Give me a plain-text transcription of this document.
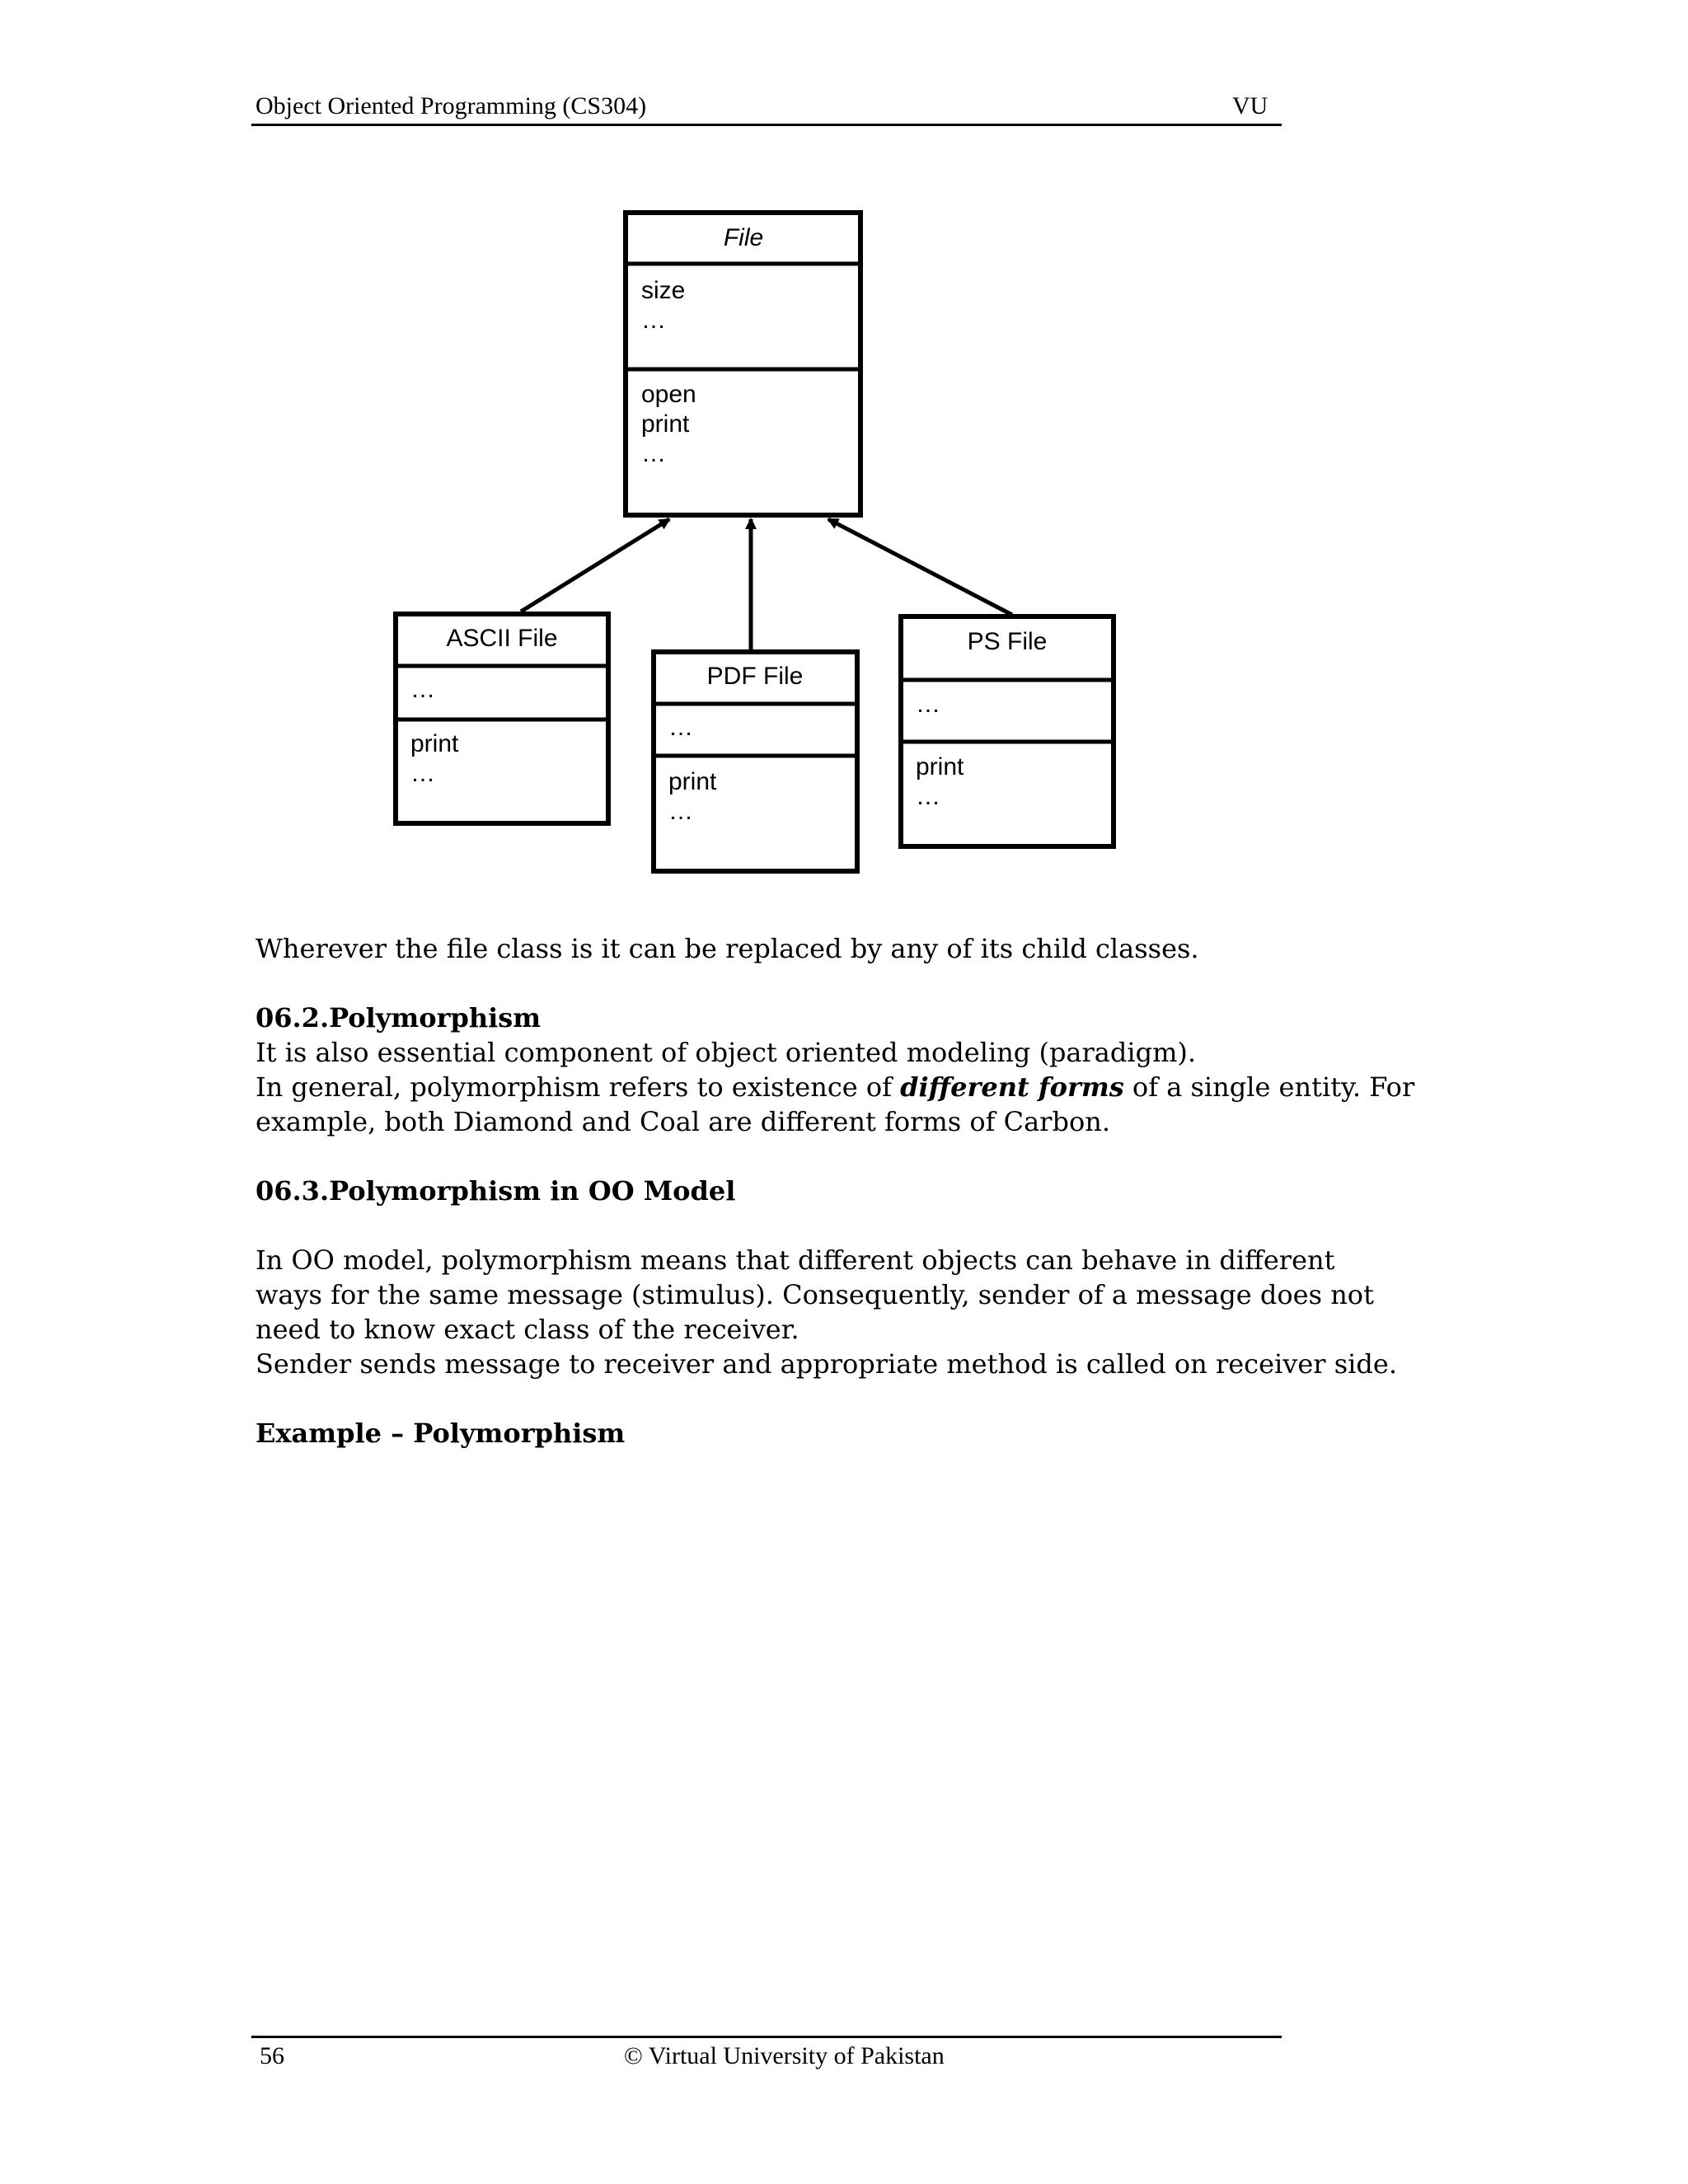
Object Oriented Programming (CS304)	VU
File
size
…
open
print
…
ASCII File
…
print
…
PDF File
…
print
…
PS File
…
print
…
Wherever the file class is it can be replaced by any of its child classes.
06.2.Polymorphism
It is also essential component of object oriented modeling (paradigm).
In general, polymorphism refers to existence of different forms of a single entity. For
example, both Diamond and Coal are different forms of Carbon.
06.3.Polymorphism in OO Model
In OO model, polymorphism means that different objects can behave in different
ways for the same message (stimulus). Consequently, sender of a message does not
need to know exact class of the receiver.
Sender sends message to receiver and appropriate method is called on receiver side.
Example – Polymorphism
56	© Virtual University of Pakistan
